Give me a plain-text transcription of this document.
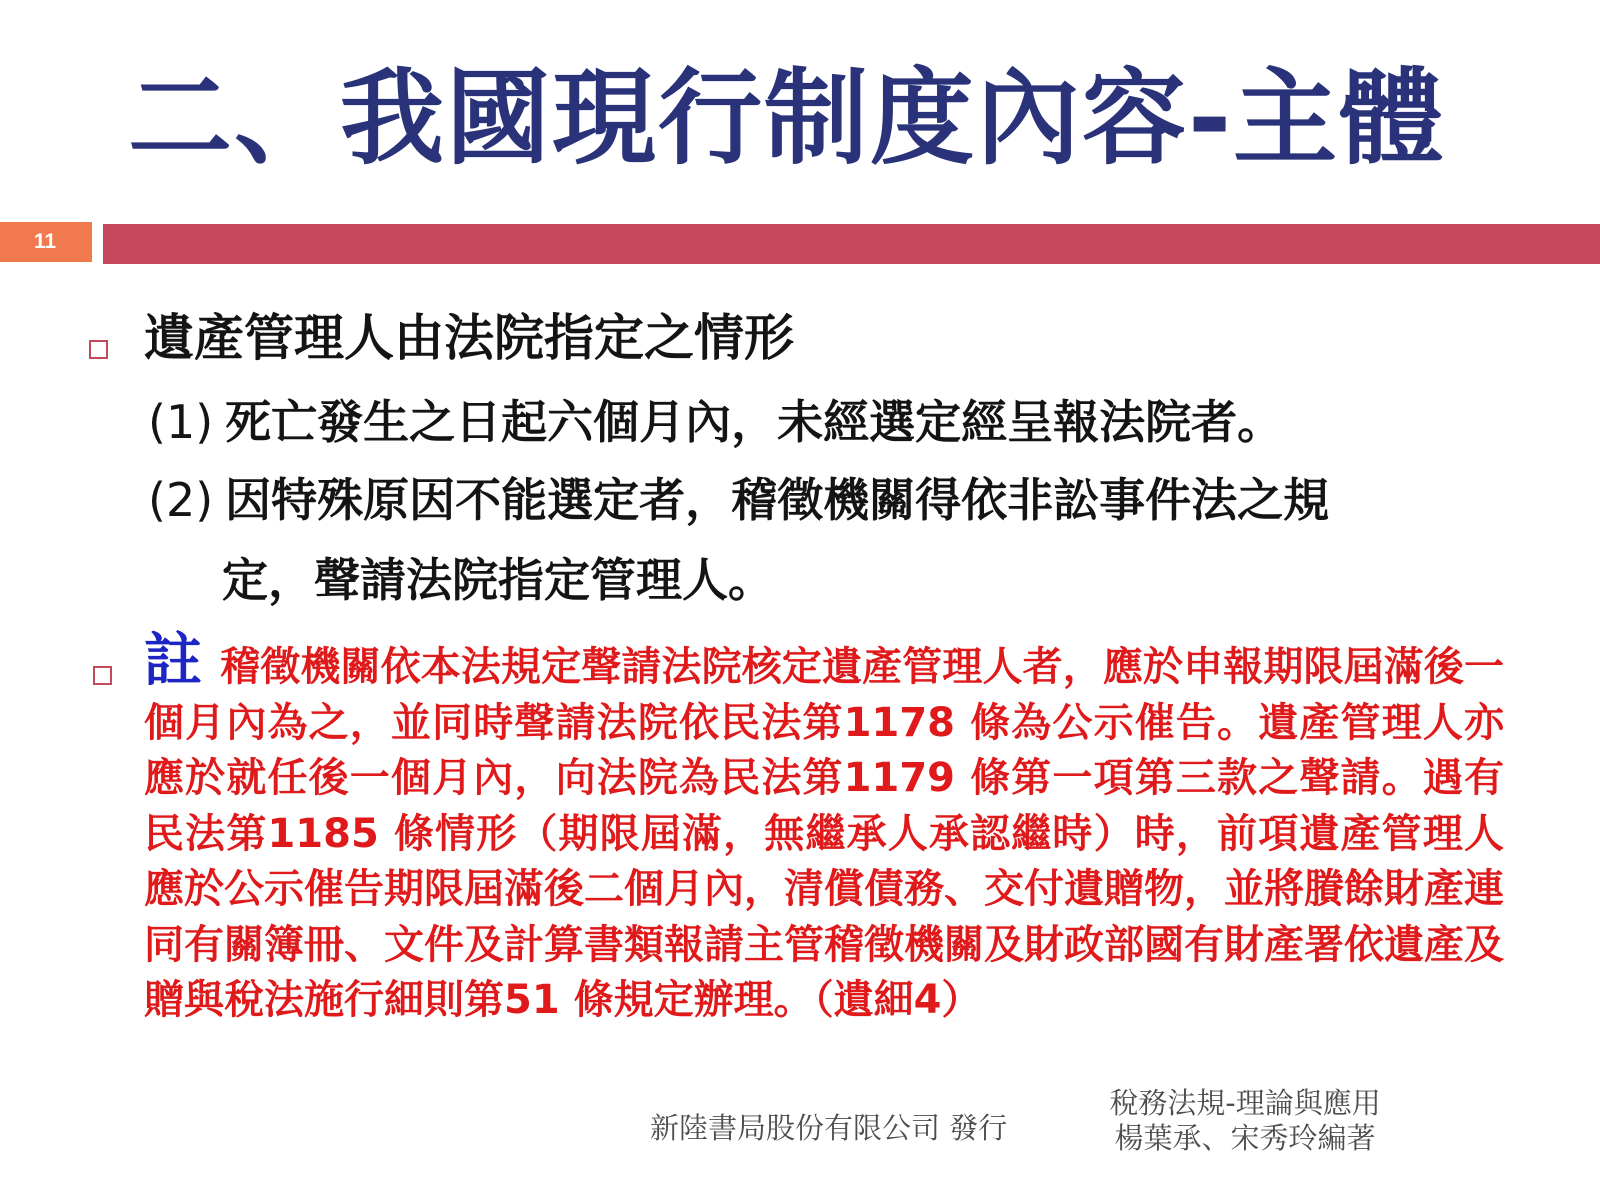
二、我國現行制度內容-主體
11
遺產管理人由法院指定之情形
(1) 死亡發生之日起六個月內，未經選定經呈報法院者。
(2) 因特殊原因不能選定者，稽徵機關得依非訟事件法之規
定，聲請法院指定管理人。
註 稽徵機關依本法規定聲請法院核定遺產管理人者，應於申報期限屆滿後一個月內為之，並同時聲請法院依民法第1178 條為公示催告。遺產管理人亦應於就任後一個月內，向法院為民法第1179 條第一項第三款之聲請。遇有民法第1185 條情形（期限屆滿，無繼承人承認繼時）時，前項遺產管理人應於公示催告期限屆滿後二個月內，清償債務、交付遺贈物，並將賸餘財產連同有關簿冊、文件及計算書類報請主管稽徵機關及財政部國有財產署依遺產及贈與稅法施行細則第51 條規定辦理。（遺細4）
新陸書局股份有限公司 發行
稅務法規-理論與應用
楊葉承、宋秀玲編著
